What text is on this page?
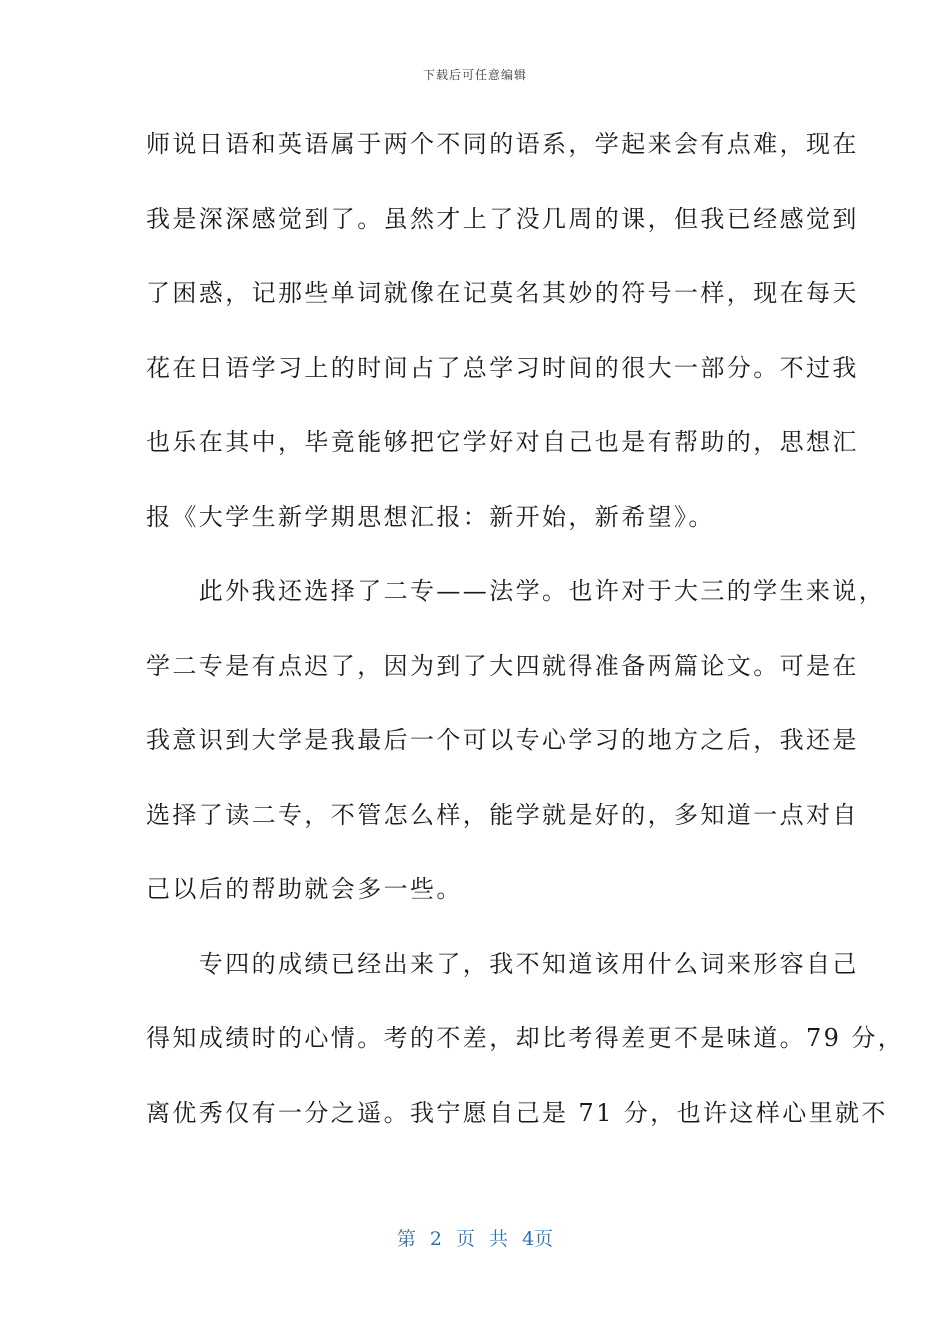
下载后可任意编辑
师说日语和英语属于两个不同的语系，学起来会有点难，现在
我是深深感觉到了。虽然才上了没几周的课，但我已经感觉到
了困惑，记那些单词就像在记莫名其妙的符号一样，现在每天
花在日语学习上的时间占了总学习时间的很大一部分。不过我
也乐在其中，毕竟能够把它学好对自己也是有帮助的，思想汇
报《大学生新学期思想汇报：新开始，新希望》。
　　此外我还选择了二专——法学。也许对于大三的学生来说，
学二专是有点迟了，因为到了大四就得准备两篇论文。可是在
我意识到大学是我最后一个可以专心学习的地方之后，我还是
选择了读二专，不管怎么样，能学就是好的，多知道一点对自
己以后的帮助就会多一些。
　　专四的成绩已经出来了，我不知道该用什么词来形容自己
得知成绩时的心情。考的不差，却比考得差更不是味道。79 分，
离优秀仅有一分之遥。我宁愿自己是 71 分，也许这样心里就不
第 2 页 共 4页
